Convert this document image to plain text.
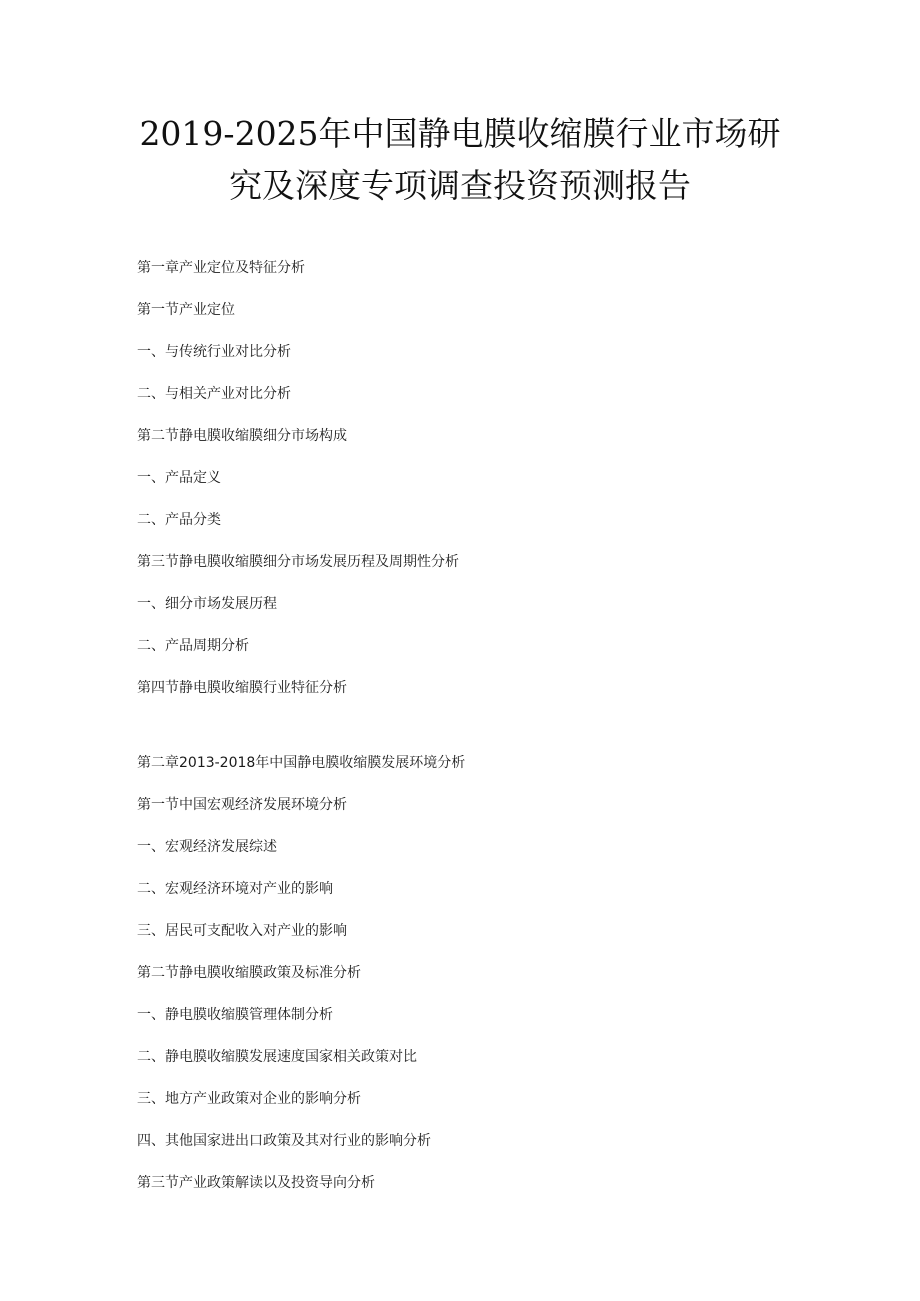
2019-2025年中国静电膜收缩膜行业市场研
究及深度专项调查投资预测报告
第一章产业定位及特征分析
第一节产业定位
一、与传统行业对比分析
二、与相关产业对比分析
第二节静电膜收缩膜细分市场构成
一、产品定义
二、产品分类
第三节静电膜收缩膜细分市场发展历程及周期性分析
一、细分市场发展历程
二、产品周期分析
第四节静电膜收缩膜行业特征分析
第二章2013-2018年中国静电膜收缩膜发展环境分析
第一节中国宏观经济发展环境分析
一、宏观经济发展综述
二、宏观经济环境对产业的影响
三、居民可支配收入对产业的影响
第二节静电膜收缩膜政策及标准分析
一、静电膜收缩膜管理体制分析
二、静电膜收缩膜发展速度国家相关政策对比
三、地方产业政策对企业的影响分析
四、其他国家进出口政策及其对行业的影响分析
第三节产业政策解读以及投资导向分析
